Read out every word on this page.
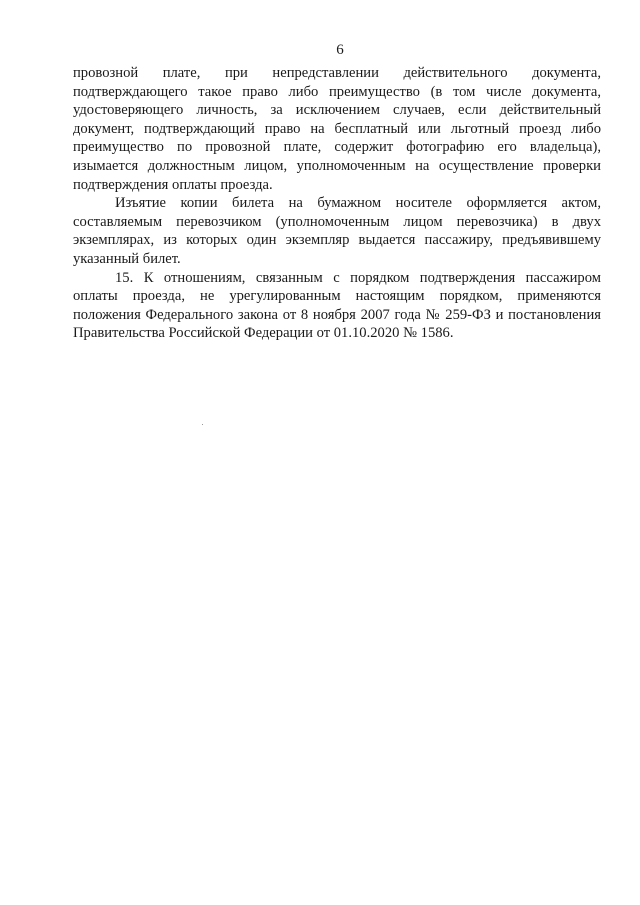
6

провозной плате, при непредставлении действительного документа, подтверждающего такое право либо преимущество (в том числе документа, удостоверяющего личность, за исключением случаев, если действительный документ, подтверждающий право на бесплатный или льготный проезд либо преимущество по провозной плате, содержит фотографию его владельца), изымается должностным лицом, уполномоченным на осуществление проверки подтверждения оплаты проезда.

Изъятие копии билета на бумажном носителе оформляется актом, составляемым перевозчиком (уполномоченным лицом перевозчика) в двух экземплярах, из которых один экземпляр выдается пассажиру, предъявившему указанный билет.

15. К отношениям, связанным с порядком подтверждения пассажиром оплаты проезда, не урегулированным настоящим порядком, применяются положения Федерального закона от 8 ноября 2007 года № 259-ФЗ и постановления Правительства Российской Федерации от 01.10.2020 № 1586.
